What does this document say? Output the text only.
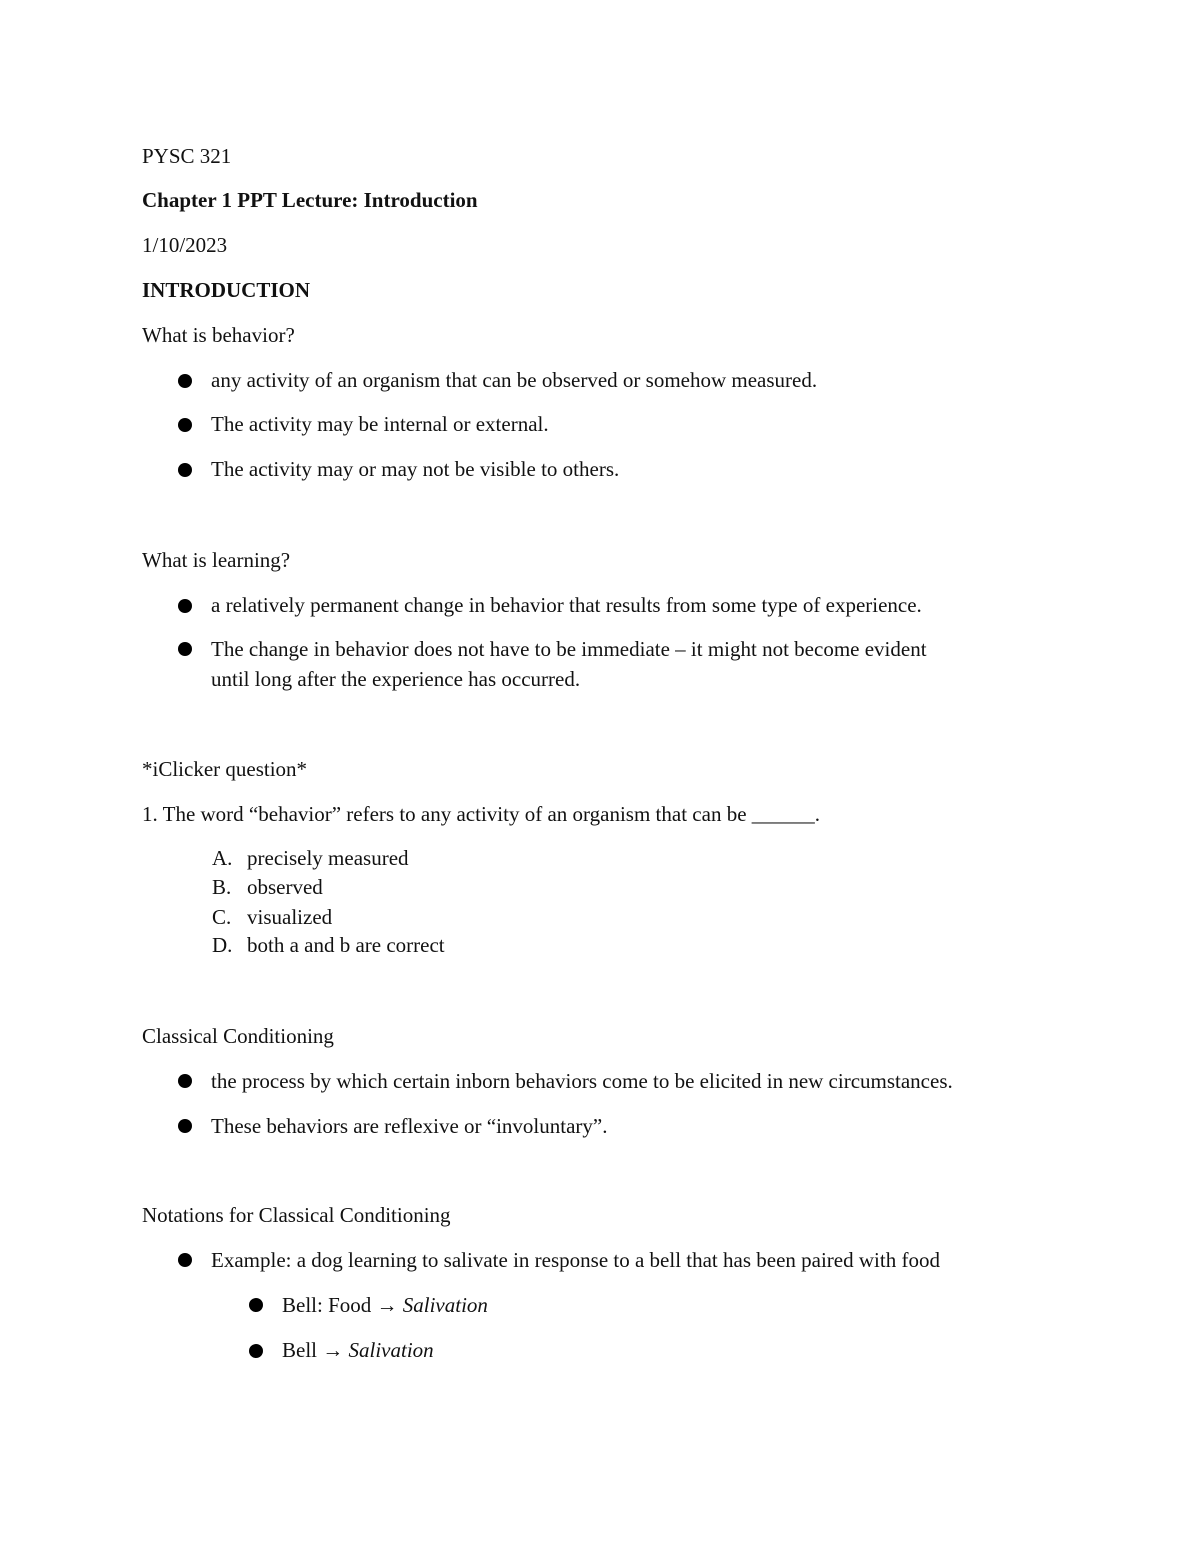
PYSC 321
Chapter 1 PPT Lecture: Introduction
1/10/2023
INTRODUCTION
What is behavior?
any activity of an organism that can be observed or somehow measured.
The activity may be internal or external.
The activity may or may not be visible to others.
What is learning?
a relatively permanent change in behavior that results from some type of experience.
The change in behavior does not have to be immediate – it might not become evident
until long after the experience has occurred.
*iClicker question*
1. The word “behavior” refers to any activity of an organism that can be ______.
A. precisely measured
B. observed
C. visualized
D. both a and b are correct
Classical Conditioning
the process by which certain inborn behaviors come to be elicited in new circumstances.
These behaviors are reflexive or “involuntary”.
Notations for Classical Conditioning
Example: a dog learning to salivate in response to a bell that has been paired with food
Bell: Food → Salivation
Bell → Salivation
